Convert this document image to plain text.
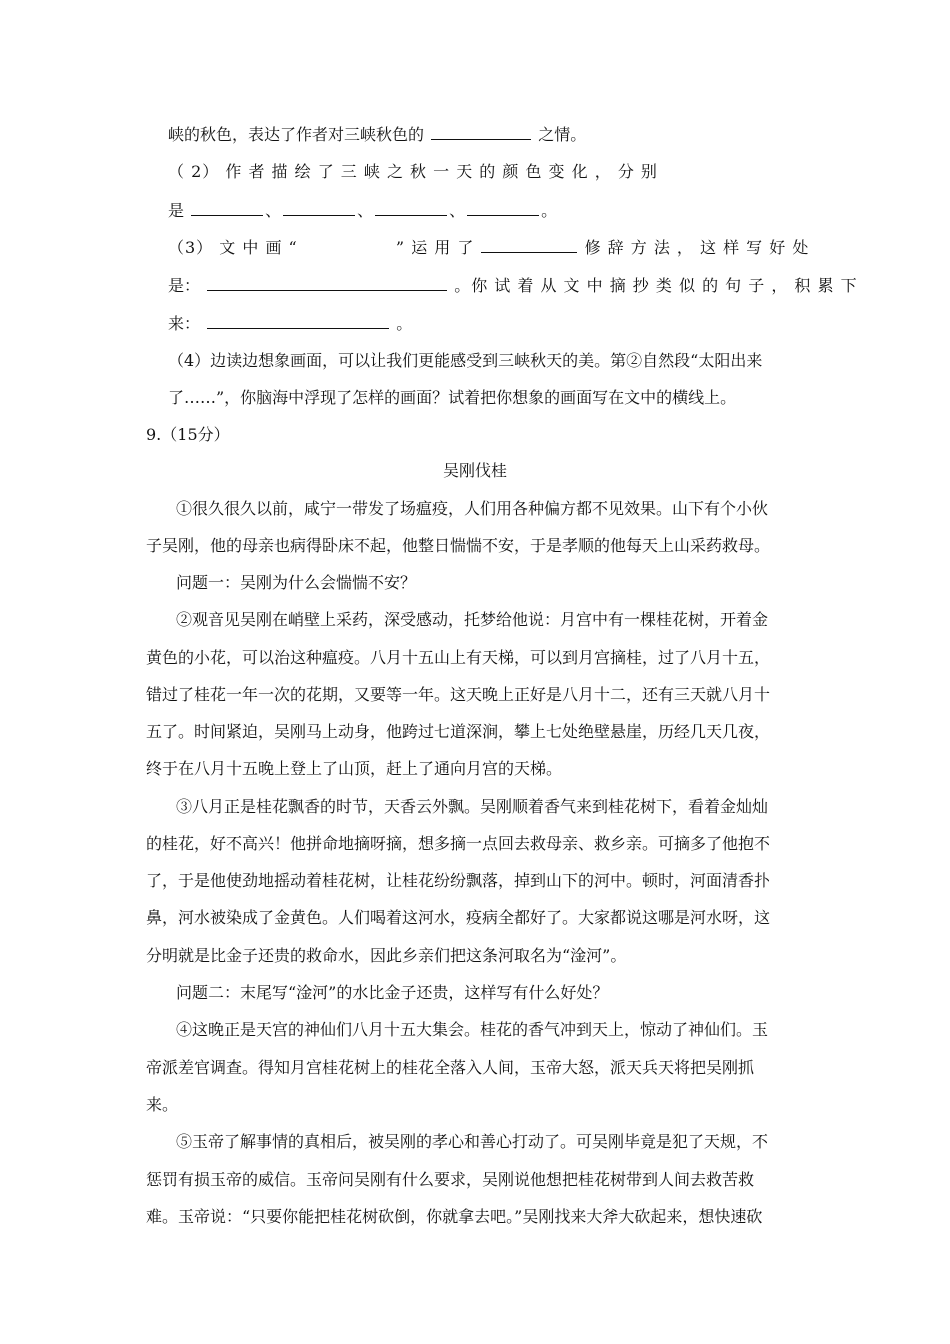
峡的秋色，表达了作者对三峡秋色的	之情。
（ 2） 作 者 描 绘 了 三 峡 之 秋 一 天 的 颜 色 变 化 ， 分 别
是	、	、	、	。
（3） 文 中 画 “	” 运 用 了	修 辞 方 法 ， 这 样 写 好 处
是：	。你 试 着 从 文 中 摘 抄 类 似 的 句 子 ， 积 累 下
来：	。
（4）边读边想象画面，可以让我们更能感受到三峡秋天的美。第②自然段“太阳出来
了……”，你脑海中浮现了怎样的画面？试着把你想象的画面写在文中的横线上。
9.（15分）
吴刚伐桂
①很久很久以前，咸宁一带发了场瘟疫，人们用各种偏方都不见效果。山下有个小伙
子吴刚，他的母亲也病得卧床不起，他整日惴惴不安，于是孝顺的他每天上山采药救母。
问题一：吴刚为什么会惴惴不安？
②观音见吴刚在峭壁上采药，深受感动，托梦给他说：月宫中有一棵桂花树，开着金
黄色的小花，可以治这种瘟疫。八月十五山上有天梯，可以到月宫摘桂，过了八月十五，
错过了桂花一年一次的花期，又要等一年。这天晚上正好是八月十二，还有三天就八月十
五了。时间紧迫，吴刚马上动身，他跨过七道深涧，攀上七处绝壁悬崖，历经几天几夜，
终于在八月十五晚上登上了山顶，赶上了通向月宫的天梯。
③八月正是桂花飘香的时节，天香云外飘。吴刚顺着香气来到桂花树下，看着金灿灿
的桂花，好不高兴！他拼命地摘呀摘，想多摘一点回去救母亲、救乡亲。可摘多了他抱不
了，于是他使劲地摇动着桂花树，让桂花纷纷飘落，掉到山下的河中。顿时，河面清香扑
鼻，河水被染成了金黄色。人们喝着这河水，疫病全都好了。大家都说这哪是河水呀，这
分明就是比金子还贵的救命水，因此乡亲们把这条河取名为“淦河”。
问题二：末尾写“淦河”的水比金子还贵，这样写有什么好处？
④这晚正是天宫的神仙们八月十五大集会。桂花的香气冲到天上，惊动了神仙们。玉
帝派差官调查。得知月宫桂花树上的桂花全落入人间，玉帝大怒，派天兵天将把吴刚抓
来。
⑤玉帝了解事情的真相后，被吴刚的孝心和善心打动了。可吴刚毕竟是犯了天规，不
惩罚有损玉帝的威信。玉帝问吴刚有什么要求，吴刚说他想把桂花树带到人间去救苦救
难。玉帝说：“只要你能把桂花树砍倒，你就拿去吧。”吴刚找来大斧大砍起来，想快速砍
